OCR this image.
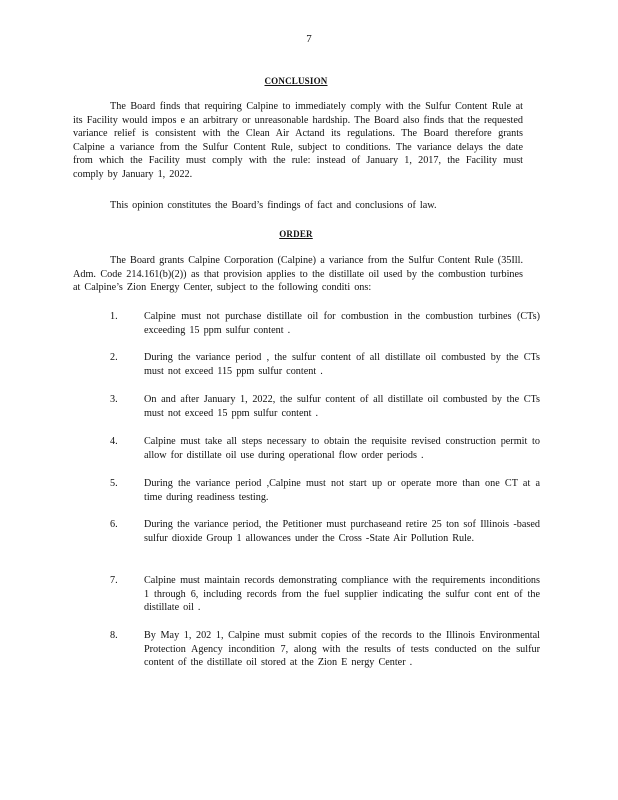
7
CONCLUSION

The Board finds that requiring Calpine to immediately comply with the Sulfur Content Rule at its Facility would impos e an arbitrary or unreasonable hardship. The Board also finds that the requested variance relief is consistent with the Clean Air Actand its regulations. The Board therefore grants Calpine a variance from the Sulfur Content Rule, subject to conditions. The variance delays the date from which the Facility must comply with the rule: instead of January 1, 2017, the Facility must comply by January 1, 2022.

This opinion constitutes the Board’s findings of fact and conclusions of law.

ORDER

The Board grants Calpine Corporation (Calpine) a variance from the Sulfur Content Rule (35Ill. Adm. Code 214.161(b)(2)) as that provision applies to the distillate oil used by the combustion turbines at Calpine’s Zion Energy Center, subject to the following conditi ons:

1.	Calpine must not purchase distillate oil for combustion in the combustion turbines (CTs) exceeding 15 ppm sulfur content .
2.	During the variance period , the sulfur content of all distillate oil combusted by the CTs must not exceed 115 ppm sulfur content .
3.	On and after January 1, 2022, the sulfur content of all distillate oil combusted by the CTs must not exceed 15 ppm sulfur content .
4.	Calpine must take all steps necessary to obtain the requisite revised construction permit to allow for distillate oil use during operational flow order periods .
5.	During the variance period ,Calpine must not start up or operate more than one CT at a time during readiness testing.
6.	During the variance period, the Petitioner must purchaseand retire 25 ton sof Illinois -based sulfur dioxide Group 1 allowances under the Cross -State Air Pollution Rule.
7.	Calpine must maintain records demonstrating compliance with the requirements inconditions 1 through 6, including records from the fuel supplier indicating the sulfur cont ent of the distillate oil .
8.	By May 1, 202 1, Calpine must submit copies of the records to the Illinois Environmental Protection Agency incondition 7, along with the results of tests conducted on the sulfur content of the distillate oil stored at the Zion E nergy Center .
